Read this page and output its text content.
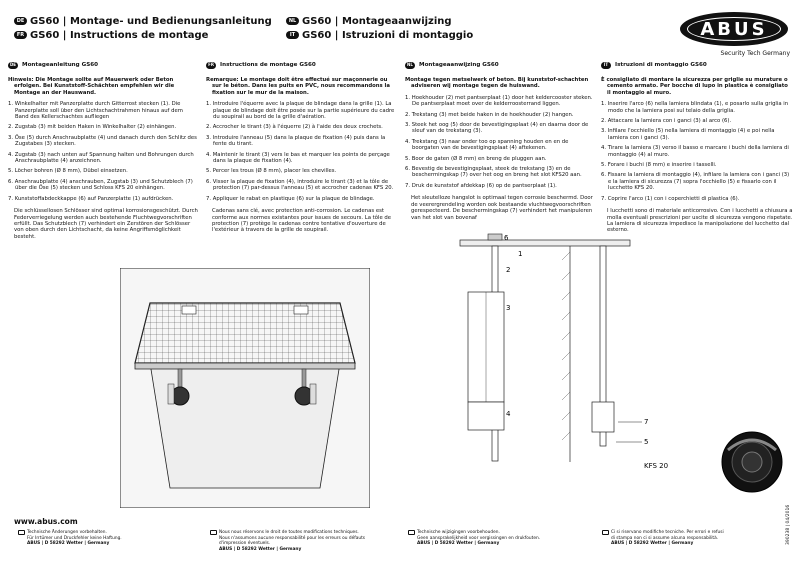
DE GS60 | Montage- und Bedienungsanleitung
FR GS60 | Instructions de montage
NL GS60 | Montageaanwijzing
IT GS60 | Istruzioni di montaggio	ABUS
Security Tech Germany
DE	Montageanleitung GS60
Hinweis: Die Montage sollte auf Mauerwerk oder Beton erfolgen. Bei Kunststoff-Schächten empfehlen wir die Montage an der Hauswand.
1. Winkelhalter mit Panzerplatte durch Gitterrost stecken (1). Die Panzerplatte soll über den Lichtschachtrahmen hinaus auf dem Band des Kellerschachtes aufliegen
2. Zugstab (3) mit beiden Haken in Winkelhalter (2) einhängen.
3. Öse (5) durch Anschraubplatte (4) und danach durch den Schlitz des Zugstabes (3) stecken.
4. Zugstab (3) nach unten auf Spannung halten und Bohrungen durch Anschraubplatte (4) anzeichnen.
5. Löcher bohren (Ø 8 mm), Dübel einsetzen.
6. Anschraubplatte (4) anschrauben, Zugstab (3) und Schutzblech (7) über die Öse (5) stecken und Schloss KFS 20 einhängen.
7. Kunststoffabdeckkappe (6) auf Panzerplatte (1) aufdrücken.
Die schlüssellosen Schlösser sind optimal korrosionsgeschützt. Durch Federverriegelung werden auch bestehende Fluchtwegvorschriften erfüllt. Das Schutzblech (7) verhindert ein Zerstören der Schlösser von oben durch den Lichtschacht, da keine Angriffsmöglichkeit besteht.
FR	Instructions de montage GS60
Remarque: Le montage doit être effectué sur maçonnerie ou sur le béton. Dans les puits en PVC, nous recommandons la fixation sur le mur de la maison.
1. Introduire l'équerre avec la plaque de blindage dans la grille (1). La plaque de blindage doit être posée sur la partie supérieure du cadre du soupirail au bord de la grille d'aération.
2. Accrocher le tirant (3) à l'équerre (2) à l'aide des deux crochets.
3. Introduire l'anneau (5) dans la plaque de fixation (4) puis dans la fente du tirant.
4. Maintenir le tirant (3) vers le bas et marquer les points de perçage dans la plaque de fixation (4).
5. Percer les trous (Ø 8 mm), placer les chevilles.
6. Visser la plaque de fixation (4), introduire le tirant (3) et la tôle de protection (7) par-dessus l'anneau (5) et accrocher cadenas KFS 20.
7. Appliquer le rabat en plastique (6) sur la plaque de blindage.
Cadenas sans clé, avec protection anti-corrosion. Le cadenas est conforme aux normes existantes pour issues de secours. La tôle de protection (7) protège le cadenas contre tentative d'ouverture de l'extérieur à travers de la grille de soupirail.
NL	Montageaanwijzing GS60
Montage tegen metselwerk of beton. Bij kunststof-schachten adviseren wij montage tegen de huiswand.
1. Hoekhouder (2) met pantserplaat (1) door het keldercooster steken. De pantserplaat moet over de kelderroosterrand liggen.
2. Trekstang (3) met beide haken in de hoekhouder (2) hangen.
3. Steek het oog (5) door de bevestigingsplaat (4) en daarna door de sleuf van de trekstang (3).
4. Trekstang (3) naar onder too op spanning houden en en de boorgaten van de bevestigingsplaat (4) aftekenen.
5. Boor de gaten (Ø 8 mm) en breng de pluggen aan.
6. Bevestig de bevestigingsplaat, steek de trekstang (3) en de beschermingskap (7) over het oog en breng het slot KFS20 aan.
7. Druk de kunststof afdekkap (6) op de pantserplaat (1).
Het sleutelloze hangslot is optimaal tegen corrosie beschermd. Door de veerergrendeling worden ook bestaande vluchtwegvoorschriften gerespecteerd. De beschermingskap (7) verhindert het manipuleren van het slot van bovenaf
IT	Istruzioni di montaggio GS60
È consigliato di montare la sicurezza per griglie su murature o cemento armato. Per bocche di lupo in plastica è consigliato il montaggio al muro.
1. Inserire l'arco (6) nella lamiera blindata (1), e posarlo sulla griglia in modo che la lamiera posi sul telaio della griglia.
2. Attaccare la lamiera con i ganci (3) al arco (6).
3. Infilare l'occhiello (5) nella lamiera di montaggio (4) e poi nella lamiera con i ganci (3).
4. Tirare la lamiera (3) verso il basso e marcare i buchi della lamiera di montaggio (4) al muro.
5. Forare i buchi (8 mm) e inserire i tasselli.
6. Fissare la lamiera di montaggio (4), infilare la lamiera con i ganci (3) e la lamiera di sicurezza (7) sopra l'occhiello (5) e fissarlo con il lucchetto KFS 20.
7. Coprire l'arco (1) con i coperchietti di plastica (6).
I lucchetti sono di materiale anticorrosivo. Con i lucchetti a chiusura a molla eventuali prescrizioni per uscite di sicurezza vengono rispetate. La lamiera di sicurezza impedisce la manipolazione del lucchetto dal esterno.
6
1
2
3
4
7
5
KFS 20
www.abus.com
Technische Änderungen vorbehalten.
Für Irrtümer und Druckfehler keine Haftung.
ABUS | D 58292 Wetter | Germany
Nous nous réservons le droit de toutes modifications techniques.
Nous n'assumons aucune responsabilité pour les erreurs ou défauts
d'impression éventuels.
ABUS | D 58292 Wetter | Germany
Technische wijzigingen voorbehouden.
Geen aansprakelijkheid voor vergissingen en drukfouten.
ABUS | D 58292 Wetter | Germany
Ci si riservano modifiche tecniche. Per errori e refusi
di stampa non ci si assume alcuna responsabilità.
ABUS | D 58292 Wetter | Germany	390238 | 04/2016
